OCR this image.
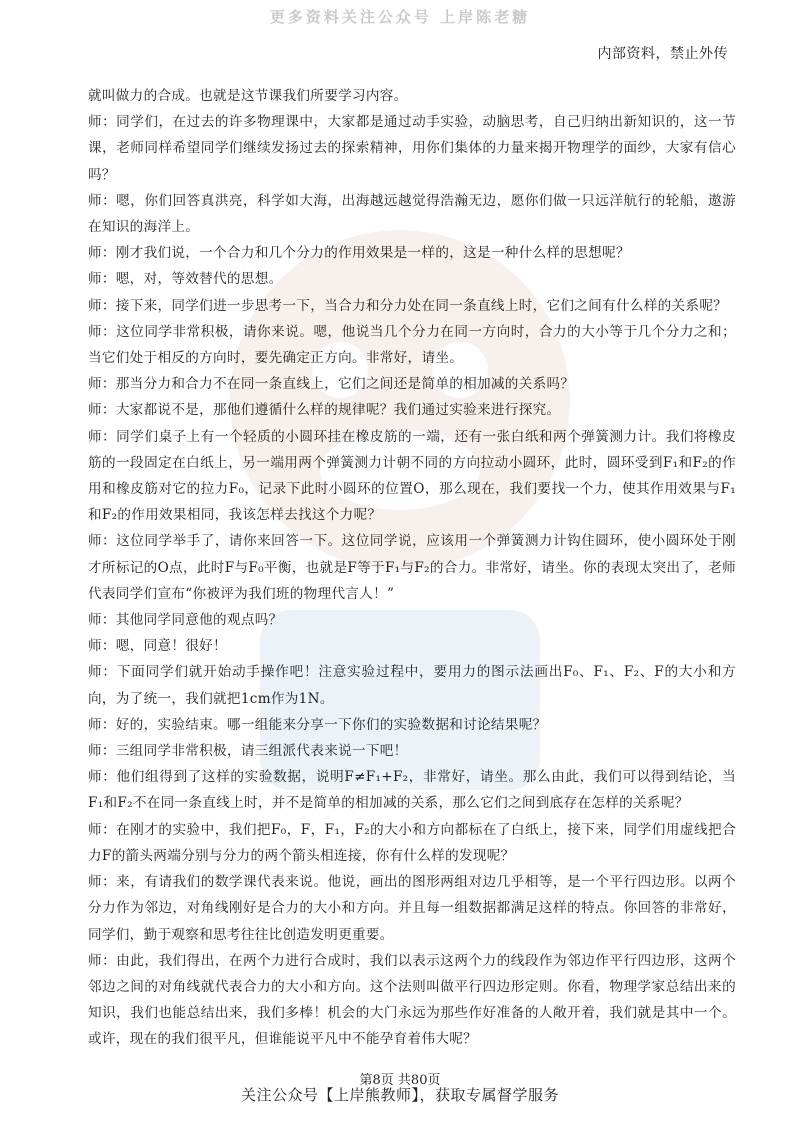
更多资料关注公众号 上岸陈老糖
内部资料，禁止外传

就叫做力的合成。也就是这节课我们所要学习内容。

师：同学们，在过去的许多物理课中，大家都是通过动手实验，动脑思考，自己归纳出新知识的，这一节课，老师同样希望同学们继续发扬过去的探索精神，用你们集体的力量来揭开物理学的面纱，大家有信心吗？

师：嗯，你们回答真洪亮，科学如大海，出海越远越觉得浩瀚无边，愿你们做一只远洋航行的轮船，遨游在知识的海洋上。

师：刚才我们说，一个合力和几个分力的作用效果是一样的，这是一种什么样的思想呢？

师：嗯，对，等效替代的思想。

师：接下来，同学们进一步思考一下，当合力和分力处在同一条直线上时，它们之间有什么样的关系呢？

师：这位同学非常积极，请你来说。嗯，他说当几个分力在同一方向时，合力的大小等于几个分力之和；当它们处于相反的方向时，要先确定正方向。非常好，请坐。

师：那当分力和合力不在同一条直线上，它们之间还是简单的相加减的关系吗？

师：大家都说不是，那他们遵循什么样的规律呢？我们通过实验来进行探究。

师：同学们桌子上有一个轻质的小圆环挂在橡皮筋的一端，还有一张白纸和两个弹簧测力计。我们将橡皮筋的一段固定在白纸上，另一端用两个弹簧测力计朝不同的方向拉动小圆环，此时，圆环受到F₁和F₂的作用和橡皮筋对它的拉力F₀，记录下此时小圆环的位置O，那么现在，我们要找一个力，使其作用效果与F₁和F₂的作用效果相同，我该怎样去找这个力呢？

师：这位同学举手了，请你来回答一下。这位同学说，应该用一个弹簧测力计钩住圆环，使小圆环处于刚才所标记的O点，此时F与F₀平衡，也就是F等于F₁与F₂的合力。非常好，请坐。你的表现太突出了，老师代表同学们宣布“你被评为我们班的物理代言人！”

师：其他同学同意他的观点吗？

师：嗯，同意！很好！

师：下面同学们就开始动手操作吧！注意实验过程中，要用力的图示法画出F₀、F₁、F₂、F的大小和方向，为了统一，我们就把1cm作为1N。

师：好的，实验结束。哪一组能来分享一下你们的实验数据和讨论结果呢？

师：三组同学非常积极，请三组派代表来说一下吧！

师：他们组得到了这样的实验数据，说明F≠F₁+F₂，非常好，请坐。那么由此，我们可以得到结论，当F₁和F₂不在同一条直线上时，并不是简单的相加减的关系，那么它们之间到底存在怎样的关系呢？

师：在刚才的实验中，我们把F₀，F，F₁，F₂的大小和方向都标在了白纸上，接下来，同学们用虚线把合力F的箭头两端分别与分力的两个箭头相连接，你有什么样的发现呢？

师：来，有请我们的数学课代表来说。他说，画出的图形两组对边几乎相等，是一个平行四边形。以两个分力作为邻边，对角线刚好是合力的大小和方向。并且每一组数据都满足这样的特点。你回答的非常好，同学们，勤于观察和思考往往比创造发明更重要。

师：由此，我们得出，在两个力进行合成时，我们以表示这两个力的线段作为邻边作平行四边形，这两个邻边之间的对角线就代表合力的大小和方向。这个法则叫做平行四边形定则。你看，物理学家总结出来的知识，我们也能总结出来，我们多棒！机会的大门永远为那些作好准备的人敞开着，我们就是其中一个。或许，现在的我们很平凡，但谁能说平凡中不能孕育着伟大呢？

第8页 共80页
关注公众号【上岸熊教师】，获取专属督学服务
